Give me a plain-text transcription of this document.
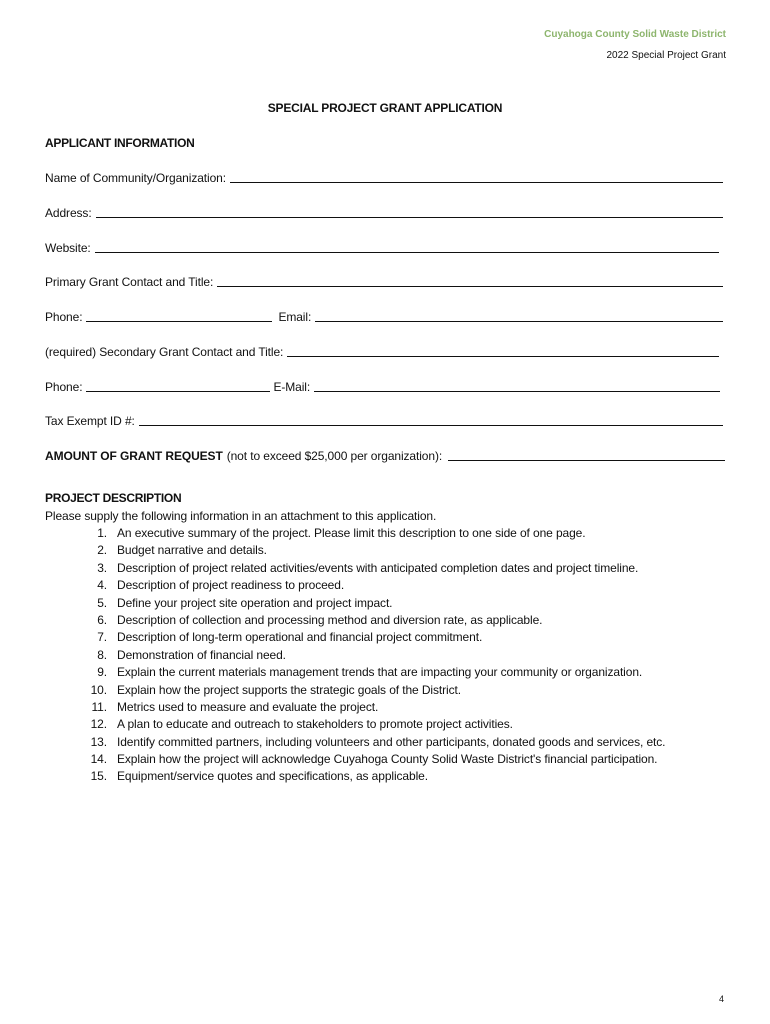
Cuyahoga County Solid Waste District
2022 Special Project Grant
SPECIAL PROJECT GRANT APPLICATION
APPLICANT INFORMATION
Name of Community/Organization:
Address:
Website:
Primary Grant Contact and Title:
Phone:	Email:
(required) Secondary Grant Contact and Title:
Phone:	E-Mail:
Tax Exempt ID #:
AMOUNT OF GRANT REQUEST (not to exceed $25,000 per organization):
PROJECT DESCRIPTION
Please supply the following information in an attachment to this application.
1. An executive summary of the project. Please limit this description to one side of one page.
2. Budget narrative and details.
3. Description of project related activities/events with anticipated completion dates and project timeline.
4. Description of project readiness to proceed.
5. Define your project site operation and project impact.
6. Description of collection and processing method and diversion rate, as applicable.
7. Description of long-term operational and financial project commitment.
8. Demonstration of financial need.
9. Explain the current materials management trends that are impacting your community or organization.
10. Explain how the project supports the strategic goals of the District.
11. Metrics used to measure and evaluate the project.
12. A plan to educate and outreach to stakeholders to promote project activities.
13. Identify committed partners, including volunteers and other participants, donated goods and services, etc.
14. Explain how the project will acknowledge Cuyahoga County Solid Waste District's financial participation.
15. Equipment/service quotes and specifications, as applicable.
4
